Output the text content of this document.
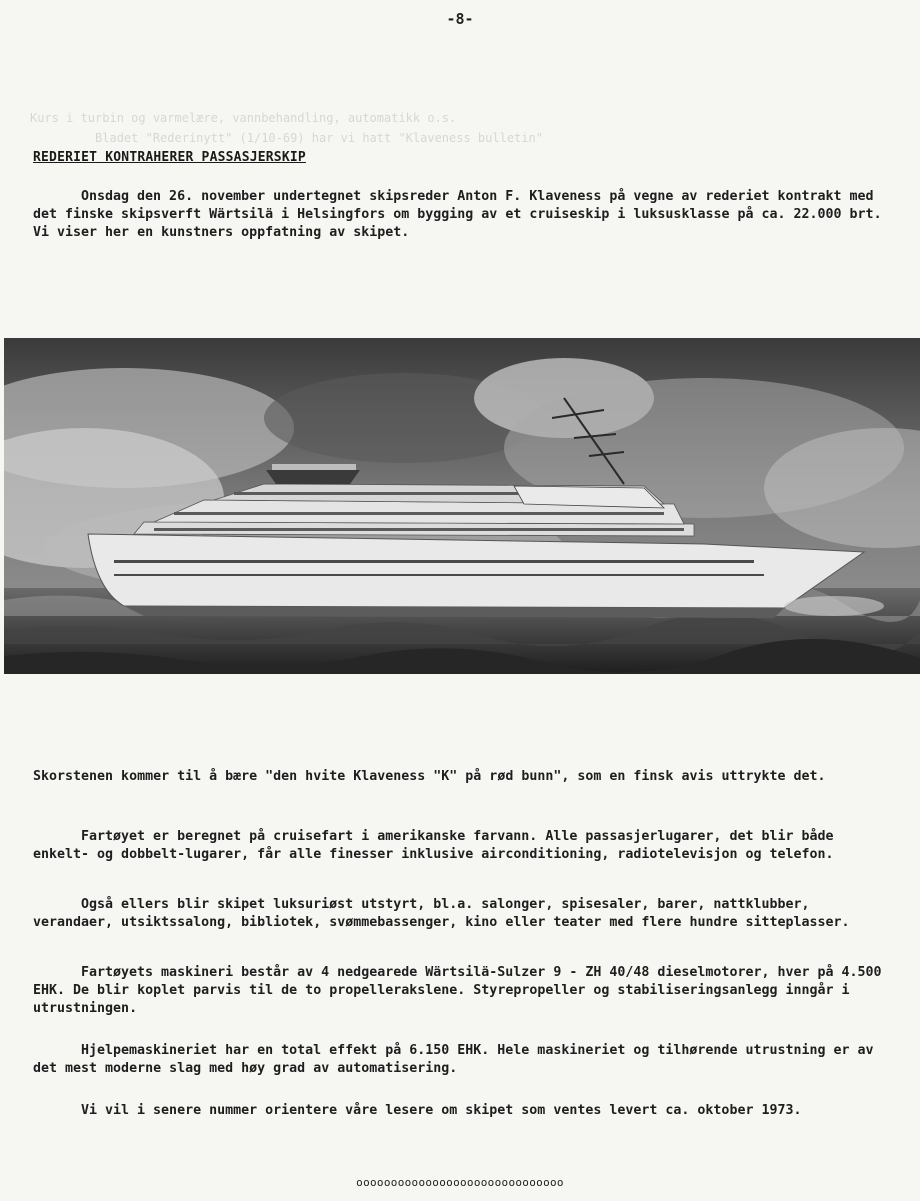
Kurs i turbin og varmelære, vannbehandling, automatikk o.s.
Bladet "Rederinytt" (1/10-69) har vi hatt "Klaveness bulletin"
-8-
REDERIET KONTRAHERER PASSASJERSKIP

Onsdag den 26. november undertegnet skipsreder Anton F. Klaveness på vegne av rederiet kontrakt med det finske skipsverft Wärtsilä i Helsingfors om bygging av et cruiseskip i luksusklasse på ca. 22.000 brt. Vi viser her en kunstners oppfatning av skipet.

Skorstenen kommer til å bære "den hvite Klaveness "K" på rød bunn", som en finsk avis uttrykte det.

Fartøyet er beregnet på cruisefart i amerikanske farvann. Alle passasjerlugarer, det blir både enkelt- og dobbelt-lugarer, får alle finesser inklusive airconditioning, radiotelevisjon og telefon.

Også ellers blir skipet luksuriøst utstyrt, bl.a. salonger, spisesaler, barer, nattklubber, verandaer, utsiktssalong, bibliotek, svømmebassenger, kino eller teater med flere hundre sitteplasser.

Fartøyets maskineri består av 4 nedgearede Wärtsilä-Sulzer 9 - ZH 40/48 dieselmotorer, hver på 4.500 EHK. De blir koplet parvis til de to propellerakslene. Styrepropeller og stabiliseringsanlegg inngår i utrustningen.

Hjelpemaskineriet har en total effekt på 6.150 EHK. Hele maskineriet og tilhørende utrustning er av det mest moderne slag med høy grad av automatisering.

Vi vil i senere nummer orientere våre lesere om skipet som ventes levert ca. oktober 1973.

oooooooooooooooooooooooooooooo
